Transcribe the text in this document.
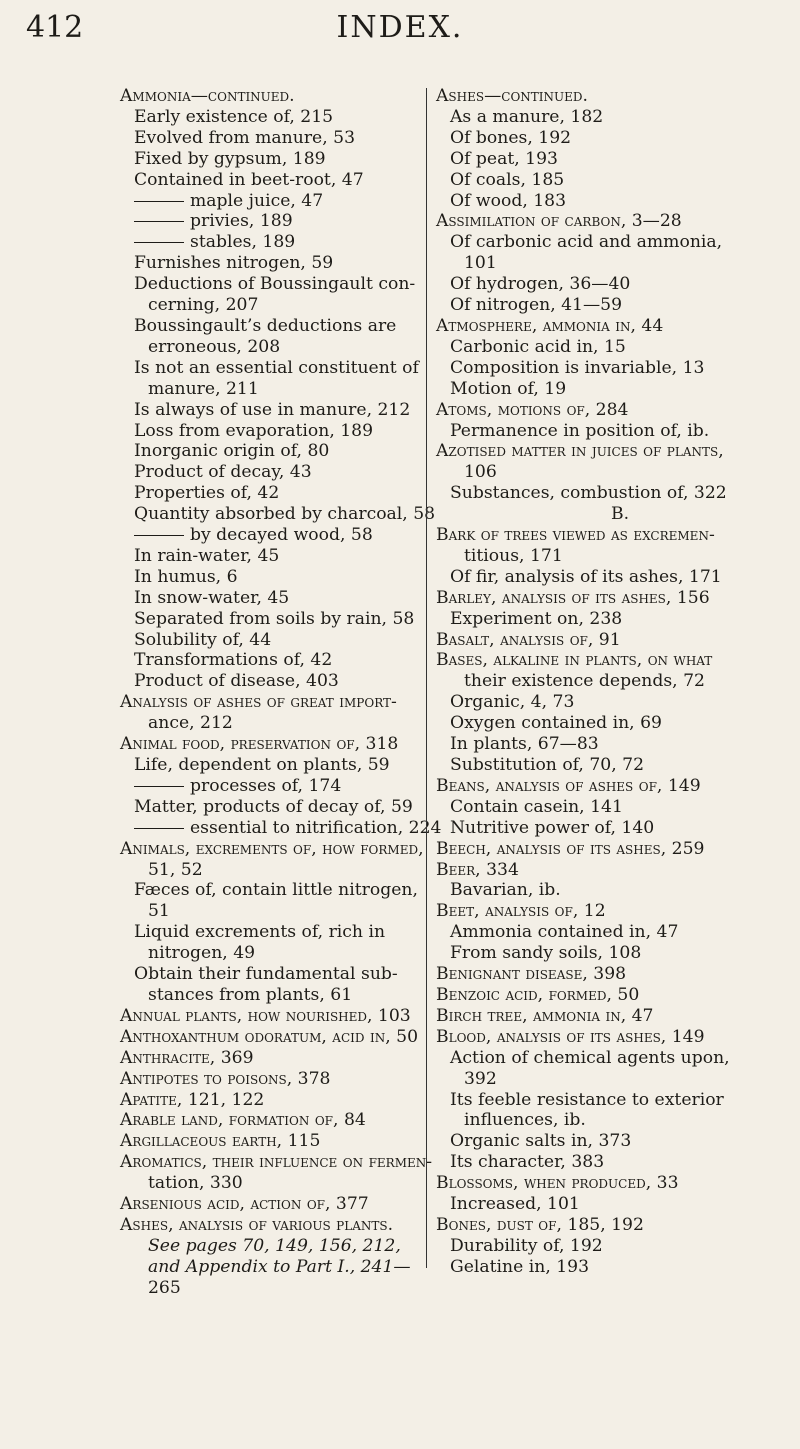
412	INDEX.
Ammonia—continued.
Early existence of, 215
Evolved from manure, 53
Fixed by gypsum, 189
Contained in beet-root, 47
maple juice, 47
privies, 189
stables, 189
Furnishes nitrogen, 59
Deductions of Boussingault con-
cerning, 207
Boussingault’s deductions are
erroneous, 208
Is not an essential constituent of
manure, 211
Is always of use in manure, 212
Loss from evaporation, 189
Inorganic origin of, 80
Product of decay, 43
Properties of, 42
Quantity absorbed by charcoal, 58
by decayed wood, 58
In rain-water, 45
In humus, 6
In snow-water, 45
Separated from soils by rain, 58
Solubility of, 44
Transformations of, 42
Product of disease, 403
Analysis of ashes of great import-
ance, 212
Animal food, preservation of, 318
Life, dependent on plants, 59
processes of, 174
Matter, products of decay of, 59
essential to nitrification, 224
Animals, excrements of, how formed,
51, 52
Fæces of, contain little nitrogen,
51
Liquid excrements of, rich in
nitrogen, 49
Obtain their fundamental sub-
stances from plants, 61
Annual plants, how nourished, 103
Anthoxanthum odoratum, acid in, 50
Anthracite, 369
Antipotes to poisons, 378
Apatite, 121, 122
Arable land, formation of, 84
Argillaceous earth, 115
Aromatics, their influence on fermen-
tation, 330
Arsenious acid, action of, 377
Ashes, analysis of various plants.
See pages 70, 149, 156, 212,
and Appendix to Part I., 241—
265
Ashes—continued.
As a manure, 182
Of bones, 192
Of peat, 193
Of coals, 185
Of wood, 183
Assimilation of carbon, 3—28
Of carbonic acid and ammonia,
101
Of hydrogen, 36—40
Of nitrogen, 41—59
Atmosphere, ammonia in, 44
Carbonic acid in, 15
Composition is invariable, 13
Motion of, 19
Atoms, motions of, 284
Permanence in position of, ib.
Azotised matter in juices of plants,
106
Substances, combustion of, 322
B.
Bark of trees viewed as excremen-
titious, 171
Of fir, analysis of its ashes, 171
Barley, analysis of its ashes, 156
Experiment on, 238
Basalt, analysis of, 91
Bases, alkaline in plants, on what
their existence depends, 72
Organic, 4, 73
Oxygen contained in, 69
In plants, 67—83
Substitution of, 70, 72
Beans, analysis of ashes of, 149
Contain casein, 141
Nutritive power of, 140
Beech, analysis of its ashes, 259
Beer, 334
Bavarian, ib.
Beet, analysis of, 12
Ammonia contained in, 47
From sandy soils, 108
Benignant disease, 398
Benzoic acid, formed, 50
Birch tree, ammonia in, 47
Blood, analysis of its ashes, 149
Action of chemical agents upon,
392
Its feeble resistance to exterior
influences, ib.
Organic salts in, 373
Its character, 383
Blossoms, when produced, 33
Increased, 101
Bones, dust of, 185, 192
Durability of, 192
Gelatine in, 193
